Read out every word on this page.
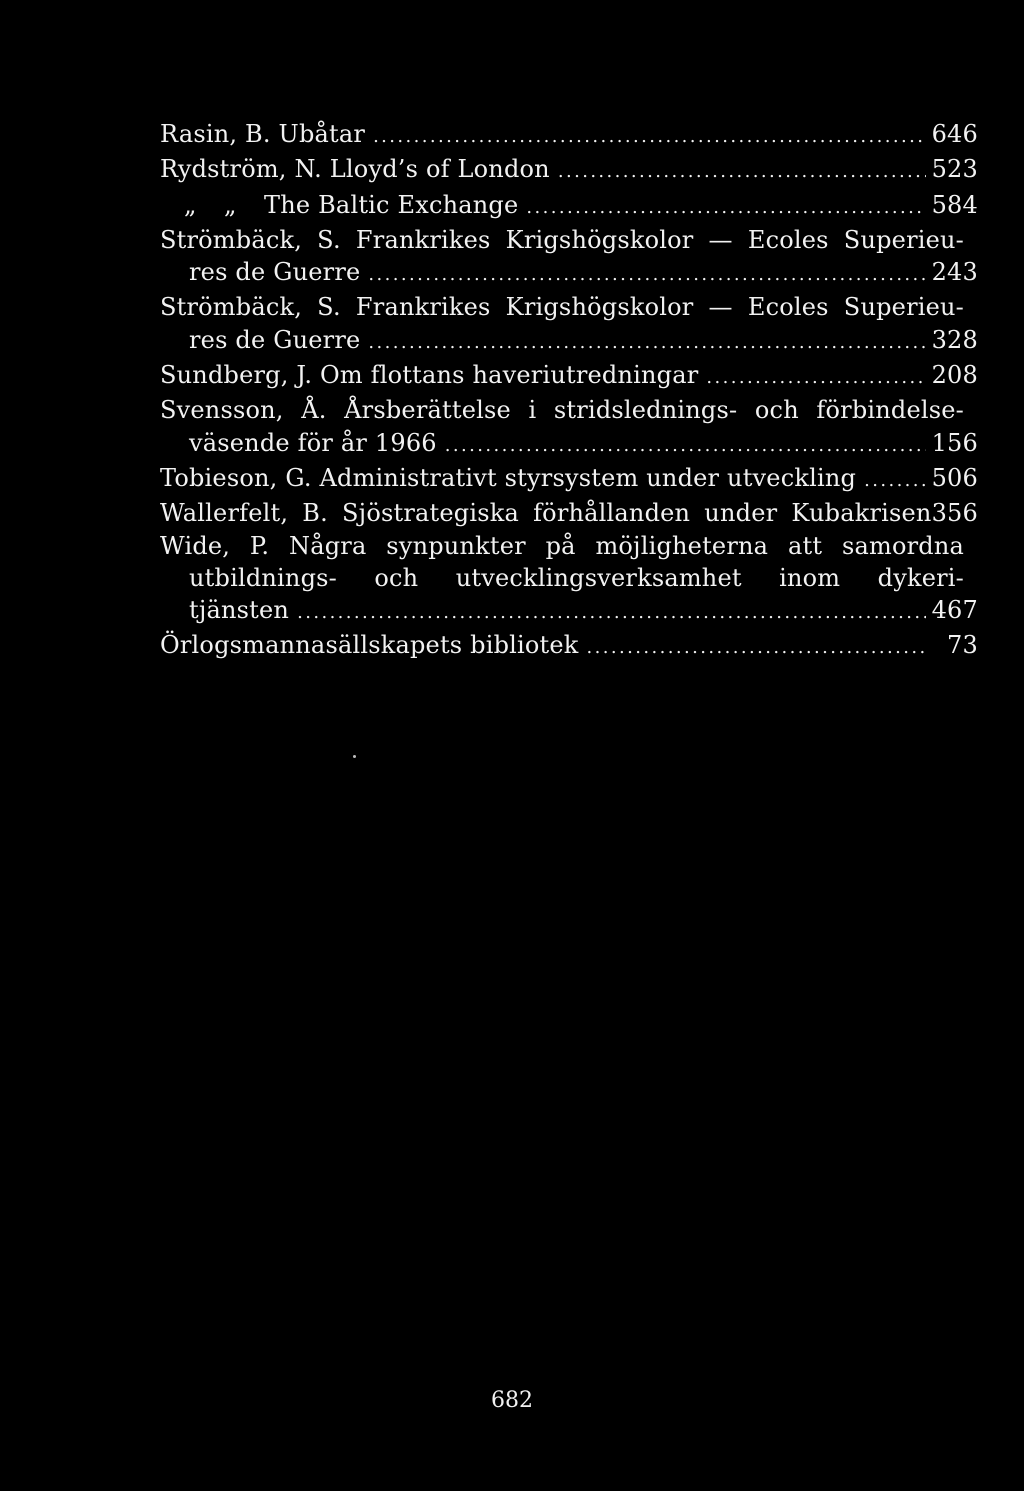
Rasin, B. Ubåtar .....	646
Rydström, N. Lloyd’s of London .....	523
„ „ The Baltic Exchange .....	584
Strömbäck, S. Frankrikes Krigshögskolor — Ecoles Superieu-
res de Guerre .....	243
Strömbäck, S. Frankrikes Krigshögskolor — Ecoles Superieu-
res de Guerre .....	328
Sundberg, J. Om flottans haveriutredningar .....	208
Svensson, Å. Årsberättelse i stridslednings- och förbindelse-
väsende för år 1966 .....	156
Tobieson, G. Administrativt styrsystem under utveckling .....	506
Wallerfelt, B. Sjöstrategiska förhållanden under Kubakrisen 356
Wide, P. Några synpunkter på möjligheterna att samordna
utbildnings- och utvecklingsverksamhet inom dykeri-
tjänsten .....	467
Örlogsmannasällskapets bibliotek .....	73
682
